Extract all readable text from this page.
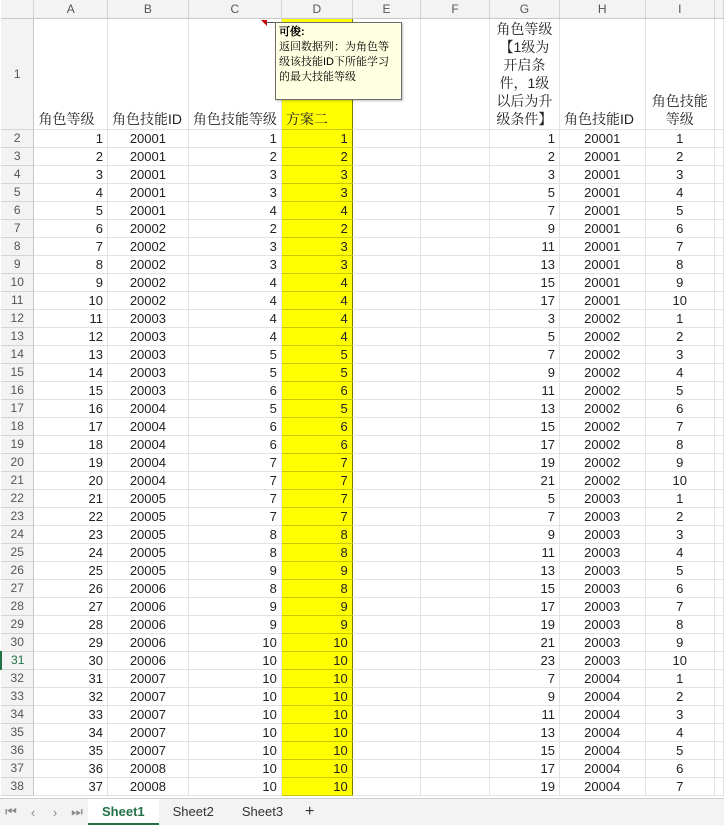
	A	B	C	D	E	F	G	H	I	
1	角色等级	角色技能ID	角色技能等级	方案二			角色等级【1级为开启条件，1级以后为升级条件】	角色技能ID	角色技能等级	
2	1	20001	1	1			1	20001	1	
3	2	20001	2	2			2	20001	2	
4	3	20001	3	3			3	20001	3	
5	4	20001	3	3			5	20001	4	
6	5	20001	4	4			7	20001	5	
7	6	20002	2	2			9	20001	6	
8	7	20002	3	3			11	20001	7	
9	8	20002	3	3			13	20001	8	
10	9	20002	4	4			15	20001	9	
11	10	20002	4	4			17	20001	10	
12	11	20003	4	4			3	20002	1	
13	12	20003	4	4			5	20002	2	
14	13	20003	5	5			7	20002	3	
15	14	20003	5	5			9	20002	4	
16	15	20003	6	6			11	20002	5	
17	16	20004	5	5			13	20002	6	
18	17	20004	6	6			15	20002	7	
19	18	20004	6	6			17	20002	8	
20	19	20004	7	7			19	20002	9	
21	20	20004	7	7			21	20002	10	
22	21	20005	7	7			5	20003	1	
23	22	20005	7	7			7	20003	2	
24	23	20005	8	8			9	20003	3	
25	24	20005	8	8			11	20003	4	
26	25	20005	9	9			13	20003	5	
27	26	20006	8	8			15	20003	6	
28	27	20006	9	9			17	20003	7	
29	28	20006	9	9			19	20003	8	
30	29	20006	10	10			21	20003	9	
31	30	20006	10	10			23	20003	10	
32	31	20007	10	10			7	20004	1	
33	32	20007	10	10			9	20004	2	
34	33	20007	10	10			11	20004	3	
35	34	20007	10	10			13	20004	4	
36	35	20007	10	10			15	20004	5	
37	36	20008	10	10			17	20004	6	
38	37	20008	10	10			19	20004	7	
可俊:
返回数据列：为角色等级该技能ID下所能学习的最大技能等级
⏮	‹	›	⏭	Sheet1	Sheet2	Sheet3	+
